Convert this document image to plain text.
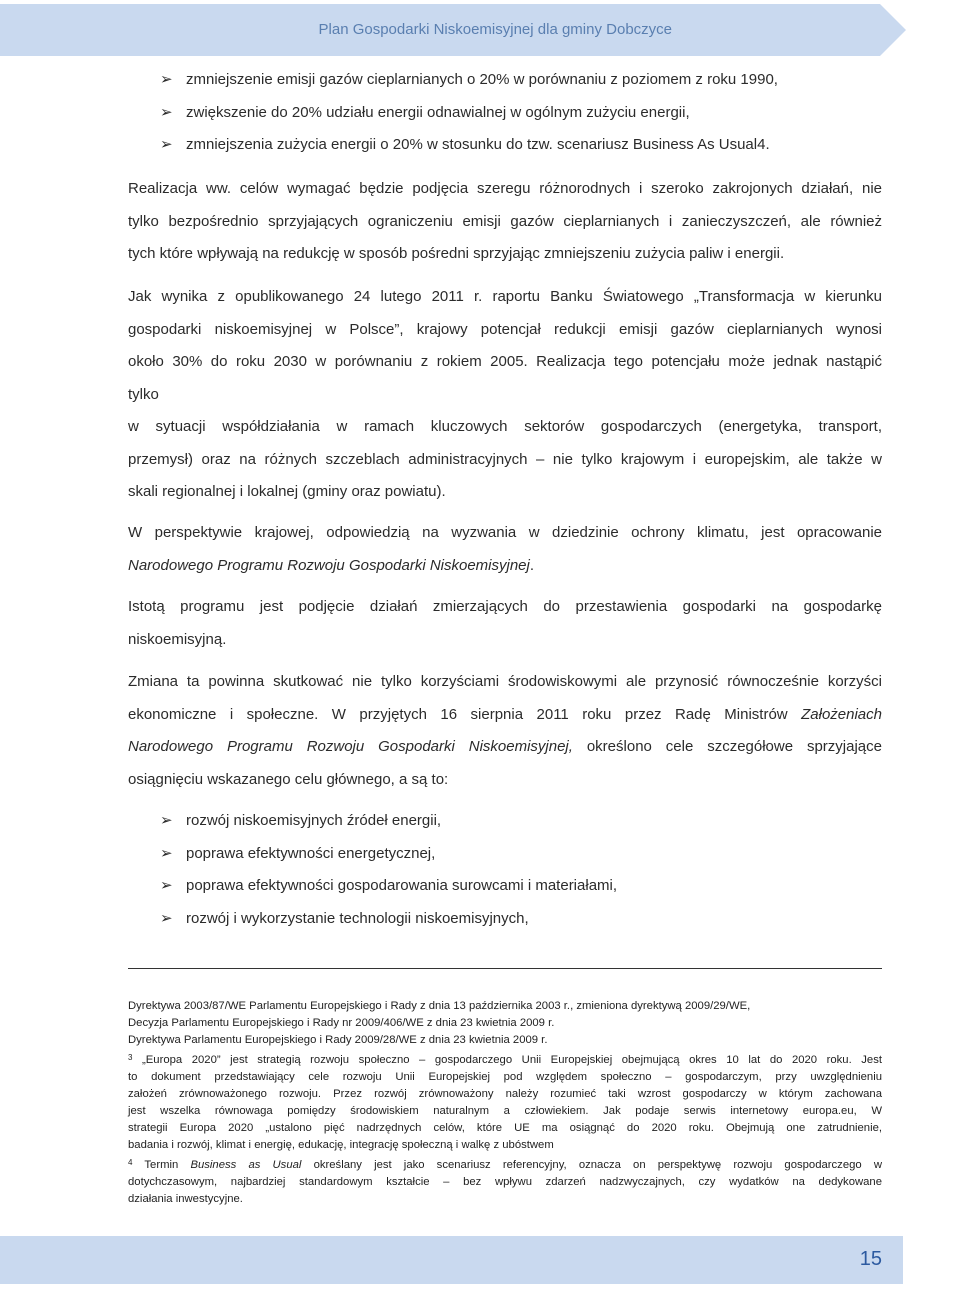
Plan Gospodarki Niskoemisyjnej dla gminy Dobczyce
➢ zmniejszenie emisji gazów cieplarnianych o 20% w porównaniu z poziomem z roku 1990,
➢ zwiększenie do 20% udziału energii odnawialnej w ogólnym zużyciu energii,
➢ zmniejszenia zużycia energii o 20% w stosunku do tzw. scenariusz Business As Usual4.

Realizacja ww. celów wymagać będzie podjęcia szeregu różnorodnych i szeroko zakrojonych działań, nie
tylko bezpośrednio sprzyjających ograniczeniu emisji gazów cieplarnianych i zanieczyszczeń, ale również
tych które wpływają na redukcję w sposób pośredni sprzyjając zmniejszeniu zużycia paliw i energii.

Jak wynika z opublikowanego 24 lutego 2011 r. raportu Banku Światowego „Transformacja w kierunku
gospodarki niskoemisyjnej w Polsce”, krajowy potencjał redukcji emisji gazów cieplarnianych wynosi
około 30% do roku 2030 w porównaniu z rokiem 2005. Realizacja tego potencjału może jednak nastąpić
tylko
w sytuacji współdziałania w ramach kluczowych sektorów gospodarczych (energetyka, transport,
przemysł) oraz na różnych szczeblach administracyjnych – nie tylko krajowym i europejskim, ale także w
skali regionalnej i lokalnej (gminy oraz powiatu).

W perspektywie krajowej, odpowiedzią na wyzwania w dziedzinie ochrony klimatu, jest opracowanie
Narodowego Programu Rozwoju Gospodarki Niskoemisyjnej.

Istotą programu jest podjęcie działań zmierzających do przestawienia gospodarki na gospodarkę
niskoemisyjną.

Zmiana ta powinna skutkować nie tylko korzyściami środowiskowymi ale przynosić równocześnie korzyści
ekonomiczne i społeczne. W przyjętych 16 sierpnia 2011 roku przez Radę Ministrów Założeniach
Narodowego Programu Rozwoju Gospodarki Niskoemisyjnej, określono cele szczegółowe sprzyjające
osiągnięciu wskazanego celu głównego, a są to:

➢ rozwój niskoemisyjnych źródeł energii,
➢ poprawa efektywności energetycznej,
➢ poprawa efektywności gospodarowania surowcami i materiałami,
➢ rozwój i wykorzystanie technologii niskoemisyjnych,
Dyrektywa 2003/87/WE Parlamentu Europejskiego i Rady z dnia 13 października 2003 r., zmieniona dyrektywą 2009/29/WE,
Decyzja Parlamentu Europejskiego i Rady nr 2009/406/WE z dnia 23 kwietnia 2009 r.
Dyrektywa Parlamentu Europejskiego i Rady 2009/28/WE z dnia 23 kwietnia 2009 r.
$^3$ „Europa 2020” jest strategią rozwoju społeczno – gospodarczego Unii Europejskiej obejmującą okres 10 lat do 2020 roku. Jest
to dokument przedstawiający cele rozwoju Unii Europejskiej pod względem społeczno – gospodarczym, przy uwzględnieniu
założeń zrównoważonego rozwoju. Przez rozwój zrównoważony należy rozumieć taki wzrost gospodarczy w którym zachowana
jest wszelka równowaga pomiędzy środowiskiem naturalnym a człowiekiem. Jak podaje serwis internetowy europa.eu, W
strategii Europa 2020 „ustalono pięć nadrzędnych celów, które UE ma osiągnąć do 2020 roku. Obejmują one zatrudnienie,
badania i rozwój, klimat i energię, edukację, integrację społeczną i walkę z ubóstwem
$^4$ Termin Business as Usual określany jest jako scenariusz referencyjny, oznacza on perspektywę rozwoju gospodarczego w
dotychczasowym, najbardziej standardowym kształcie – bez wpływu zdarzeń nadzwyczajnych, czy wydatków na dedykowane
działania inwestycyjne.
15
